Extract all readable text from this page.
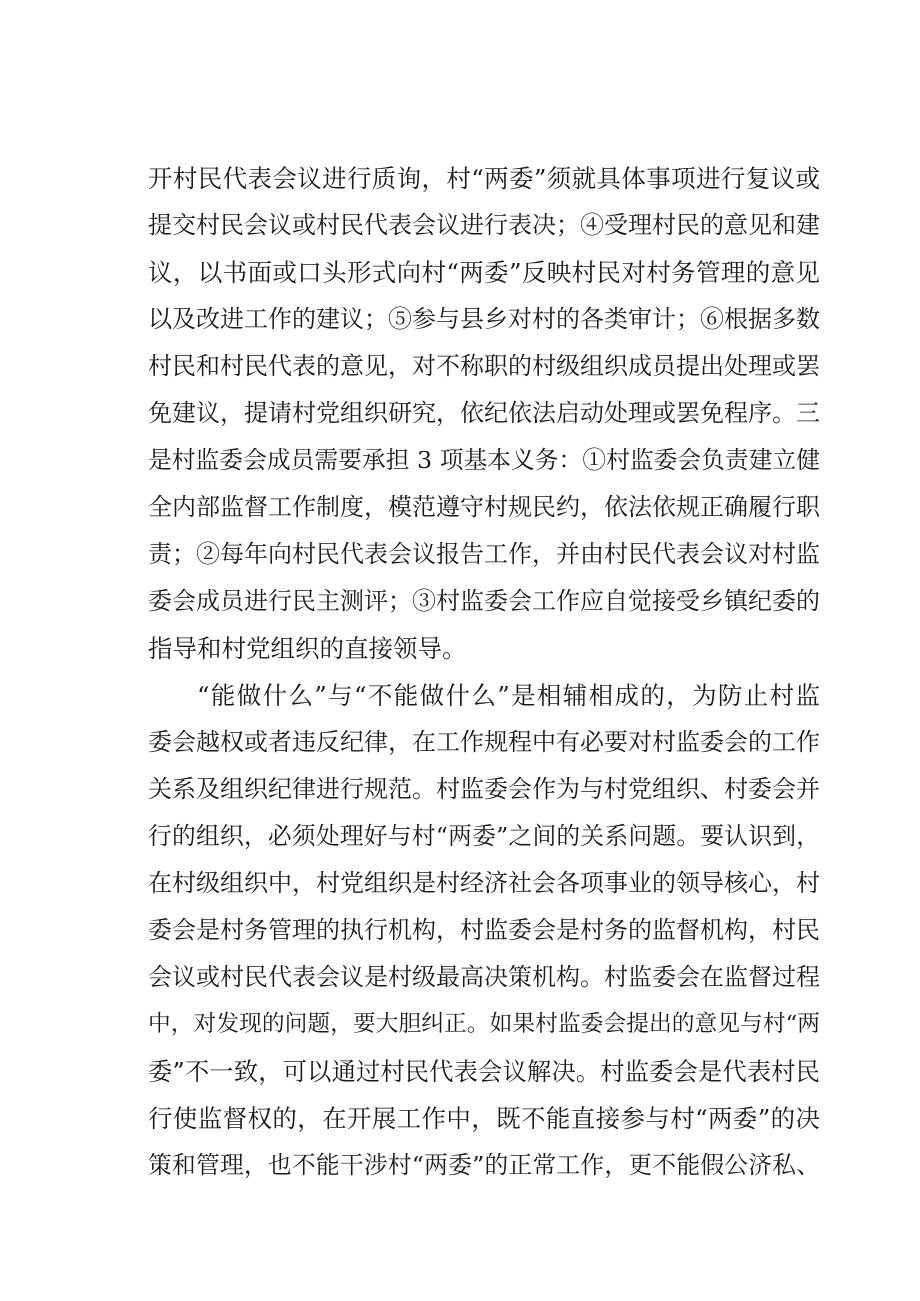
开村民代表会议进行质询，村“两委”须就具体事项进行复议或
提交村民会议或村民代表会议进行表决；④受理村民的意见和建
议，以书面或口头形式向村“两委”反映村民对村务管理的意见
以及改进工作的建议；⑤参与县乡对村的各类审计；⑥根据多数
村民和村民代表的意见，对不称职的村级组织成员提出处理或罢
免建议，提请村党组织研究，依纪依法启动处理或罢免程序。三
是村监委会成员需要承担 3 项基本义务：①村监委会负责建立健
全内部监督工作制度，模范遵守村规民约，依法依规正确履行职
责；②每年向村民代表会议报告工作，并由村民代表会议对村监
委会成员进行民主测评；③村监委会工作应自觉接受乡镇纪委的
指导和村党组织的直接领导。
“能做什么”与“不能做什么”是相辅相成的，为防止村监
委会越权或者违反纪律，在工作规程中有必要对村监委会的工作
关系及组织纪律进行规范。村监委会作为与村党组织、村委会并
行的组织，必须处理好与村“两委”之间的关系问题。要认识到，
在村级组织中，村党组织是村经济社会各项事业的领导核心，村
委会是村务管理的执行机构，村监委会是村务的监督机构，村民
会议或村民代表会议是村级最高决策机构。村监委会在监督过程
中，对发现的问题，要大胆纠正。如果村监委会提出的意见与村“两
委”不一致，可以通过村民代表会议解决。村监委会是代表村民
行使监督权的，在开展工作中，既不能直接参与村“两委”的决
策和管理，也不能干涉村“两委”的正常工作，更不能假公济私、
